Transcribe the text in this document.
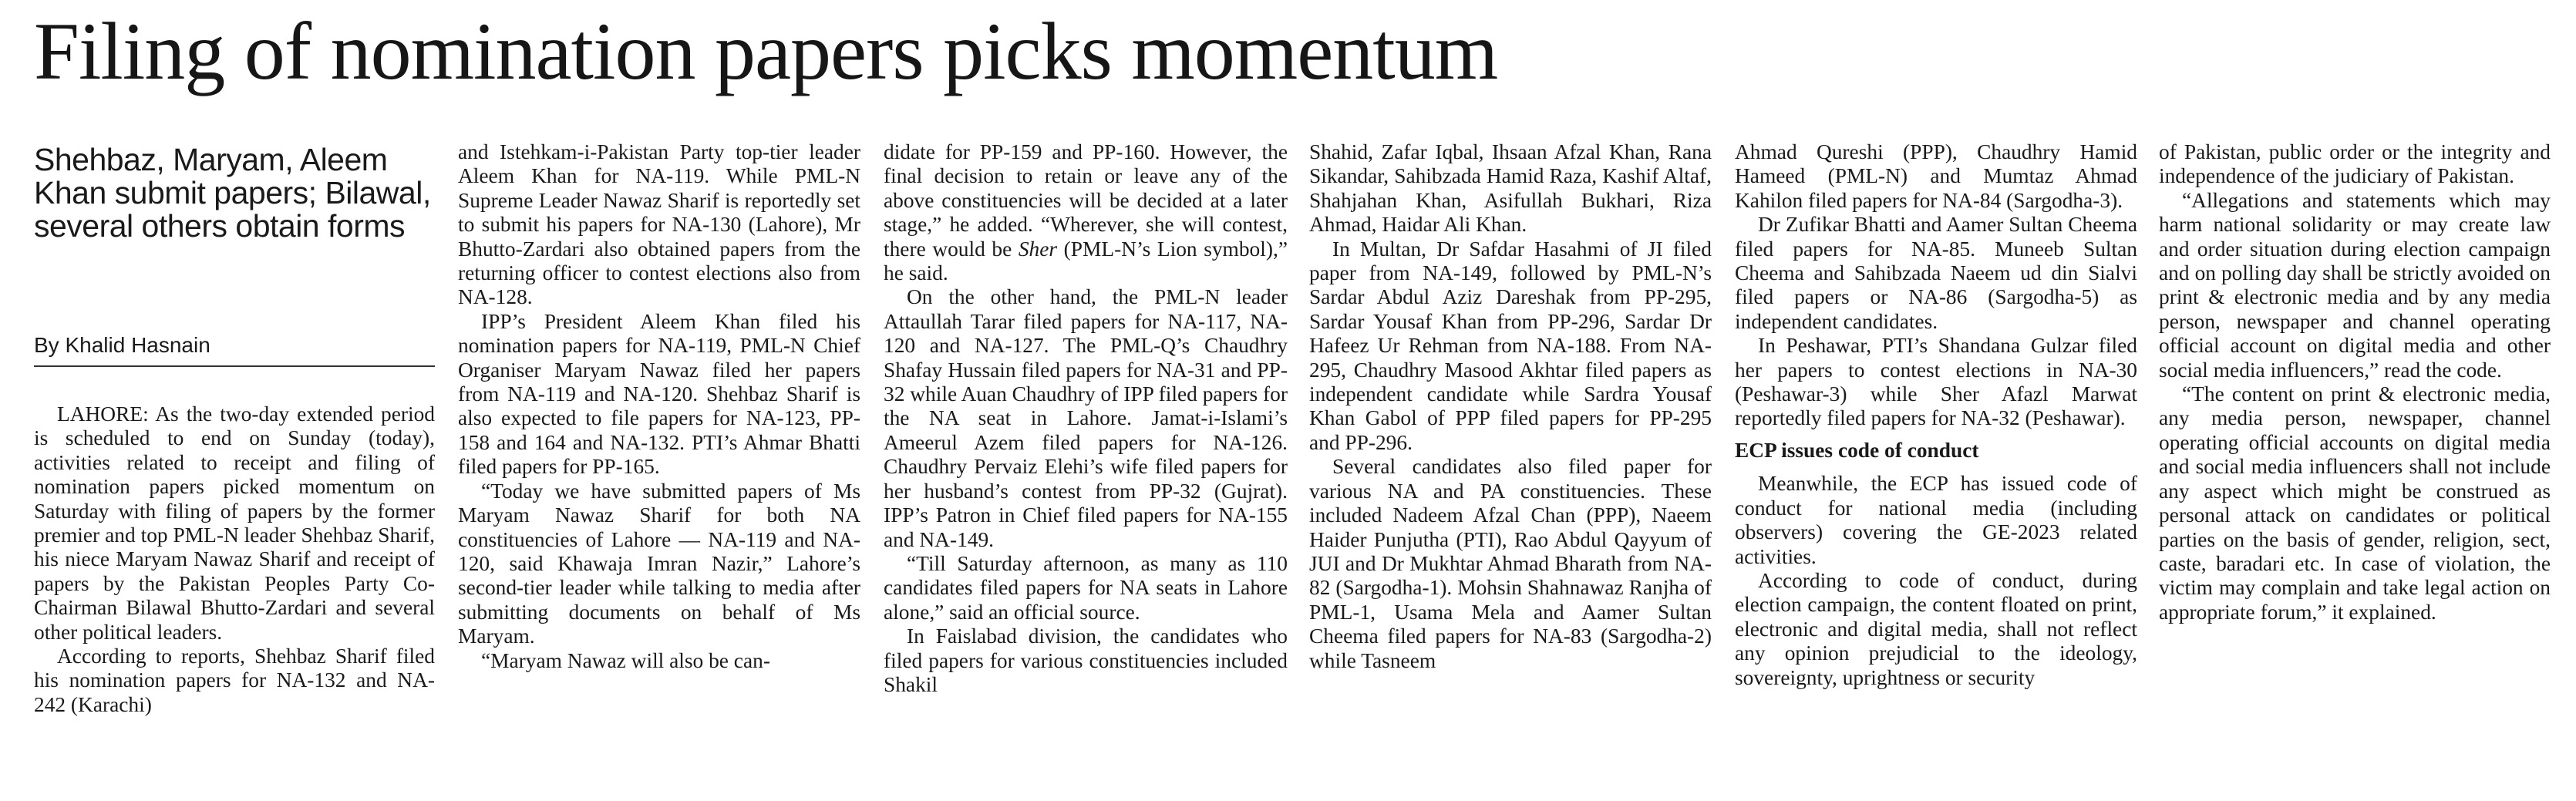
Filing of nomination papers picks momentum
Shehbaz, Maryam, Aleem Khan submit papers; Bilawal, several others obtain forms
By Khalid Hasnain

LAHORE: As the two-day extended period is scheduled to end on Sunday (today), activities related to receipt and filing of nomination papers picked momentum on Saturday with filing of papers by the former premier and top PML-N leader Shehbaz Sharif, his niece Maryam Nawaz Sharif and receipt of papers by the Pakistan Peoples Party Co-Chairman Bilawal Bhutto-Zardari and several other political leaders.

According to reports, Shehbaz Sharif filed his nomination papers for NA-132 and NA-242 (Karachi)

and Istehkam-i-Pakistan Party top-tier leader Aleem Khan for NA-119. While PML-N Supreme Leader Nawaz Sharif is reportedly set to submit his papers for NA-130 (Lahore), Mr Bhutto-Zardari also obtained papers from the returning officer to contest elections also from NA-128.

IPP’s President Aleem Khan filed his nomination papers for NA-119, PML-N Chief Organiser Maryam Nawaz filed her papers from NA-119 and NA-120. Shehbaz Sharif is also expected to file papers for NA-123, PP-158 and 164 and NA-132. PTI’s Ahmar Bhatti filed papers for PP-165.

“Today we have submitted papers of Ms Maryam Nawaz Sharif for both NA constituencies of Lahore — NA-119 and NA-120, said Khawaja Imran Nazir,” Lahore’s second-tier leader while talking to media after submitting documents on behalf of Ms Maryam.

“Maryam Nawaz will also be can-

didate for PP-159 and PP-160. However, the final decision to retain or leave any of the above constituencies will be decided at a later stage,” he added. “Wherever, she will contest, there would be Sher (PML-N’s Lion symbol),” he said.

On the other hand, the PML-N leader Attaullah Tarar filed papers for NA-117, NA-120 and NA-127. The PML-Q’s Chaudhry Shafay Hussain filed papers for NA-31 and PP-32 while Auan Chaudhry of IPP filed papers for the NA seat in Lahore. Jamat-i-Islami’s Ameerul Azem filed papers for NA-126. Chaudhry Pervaiz Elehi’s wife filed papers for her husband’s contest from PP-32 (Gujrat). IPP’s Patron in Chief filed papers for NA-155 and NA-149.

“Till Saturday afternoon, as many as 110 candidates filed papers for NA seats in Lahore alone,” said an official source.

In Faislabad division, the candidates who filed papers for various constituencies included Shakil

Shahid, Zafar Iqbal, Ihsaan Afzal Khan, Rana Sikandar, Sahibzada Hamid Raza, Kashif Altaf, Shahjahan Khan, Asifullah Bukhari, Riza Ahmad, Haidar Ali Khan.

In Multan, Dr Safdar Hasahmi of JI filed paper from NA-149, followed by PML-N’s Sardar Abdul Aziz Dareshak from PP-295, Sardar Yousaf Khan from PP-296, Sardar Dr Hafeez Ur Rehman from NA-188. From NA-295, Chaudhry Masood Akhtar filed papers as independent candidate while Sardra Yousaf Khan Gabol of PPP filed papers for PP-295 and PP-296.

Several candidates also filed paper for various NA and PA constituencies. These included Nadeem Afzal Chan (PPP), Naeem Haider Punjutha (PTI), Rao Abdul Qayyum of JUI and Dr Mukhtar Ahmad Bharath from NA-82 (Sargodha-1). Mohsin Shahnawaz Ranjha of PML-1, Usama Mela and Aamer Sultan Cheema filed papers for NA-83 (Sargodha-2) while Tasneem

Ahmad Qureshi (PPP), Chaudhry Hamid Hameed (PML-N) and Mumtaz Ahmad Kahilon filed papers for NA-84 (Sargodha-3).

Dr Zufikar Bhatti and Aamer Sultan Cheema filed papers for NA-85. Muneeb Sultan Cheema and Sahibzada Naeem ud din Sialvi filed papers or NA-86 (Sargodha-5) as independent candidates.

In Peshawar, PTI’s Shandana Gulzar filed her papers to contest elections in NA-30 (Peshawar-3) while Sher Afazl Marwat reportedly filed papers for NA-32 (Peshawar).

ECP issues code of conduct

Meanwhile, the ECP has issued code of conduct for national media (including observers) covering the GE-2023 related activities.

According to code of conduct, during election campaign, the content floated on print, electronic and digital media, shall not reflect any opinion prejudicial to the ideology, sovereignty, uprightness or security

of Pakistan, public order or the integrity and independence of the judiciary of Pakistan.

“Allegations and statements which may harm national solidarity or may create law and order situation during election campaign and on polling day shall be strictly avoided on print & electronic media and by any media person, newspaper and channel operating official account on digital media and other social media influencers,” read the code.

“The content on print & electronic media, any media person, newspaper, channel operating official accounts on digital media and social media influencers shall not include any aspect which might be construed as personal attack on candidates or political parties on the basis of gender, religion, sect, caste, baradari etc. In case of violation, the victim may complain and take legal action on appropriate forum,” it explained.
